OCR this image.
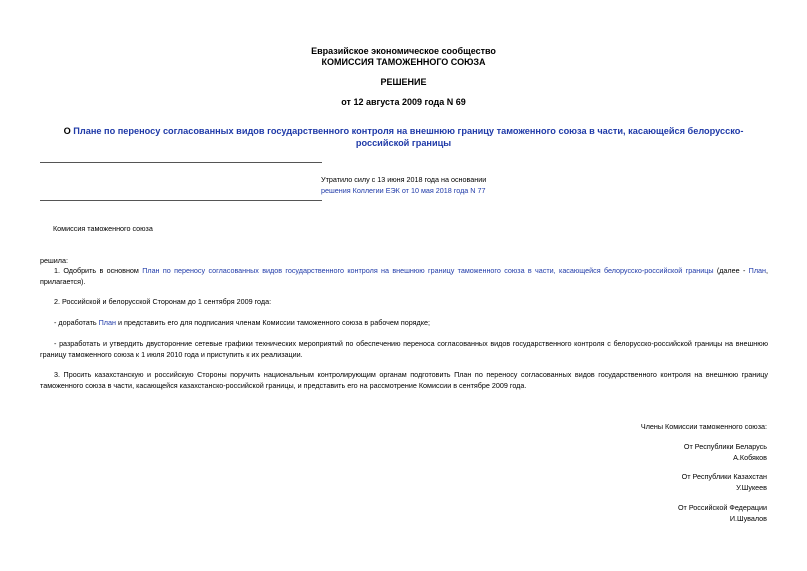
Евразийское экономическое сообщество
КОМИССИЯ ТАМОЖЕННОГО СОЮЗА
РЕШЕНИЕ
от 12 августа 2009 года N 69
О Плане по переносу согласованных видов государственного контроля на внешнюю границу таможенного союза в части, касающейся белорусско-российской границы
Утратило силу с 13 июня 2018 года на основании
решения Коллегии ЕЭК от 10 мая 2018 года N 77
Комиссия таможенного союза
решила:
1. Одобрить в основном План по переносу согласованных видов государственного контроля на внешнюю границу таможенного союза в части, касающейся белорусско-российской границы (далее - План, прилагается).
2. Российской и белорусской Сторонам до 1 сентября 2009 года:
- доработать План и представить его для подписания членам Комиссии таможенного союза в рабочем порядке;
- разработать и утвердить двусторонние сетевые графики технических мероприятий по обеспечению переноса согласованных видов государственного контроля с белорусско-российской границы на внешнюю границу таможенного союза к 1 июля 2010 года и приступить к их реализации.
3. Просить казахстанскую и российскую Стороны поручить национальным контролирующим органам подготовить План по переносу согласованных видов государственного контроля на внешнюю границу таможенного союза в части, касающейся казахстанско-российской границы, и представить его на рассмотрение Комиссии в сентябре 2009 года.
Члены Комиссии таможенного союза:
От Республики Беларусь
А.Кобяков
От Республики Казахстан
У.Шукеев
От Российской Федерации
И.Шувалов
